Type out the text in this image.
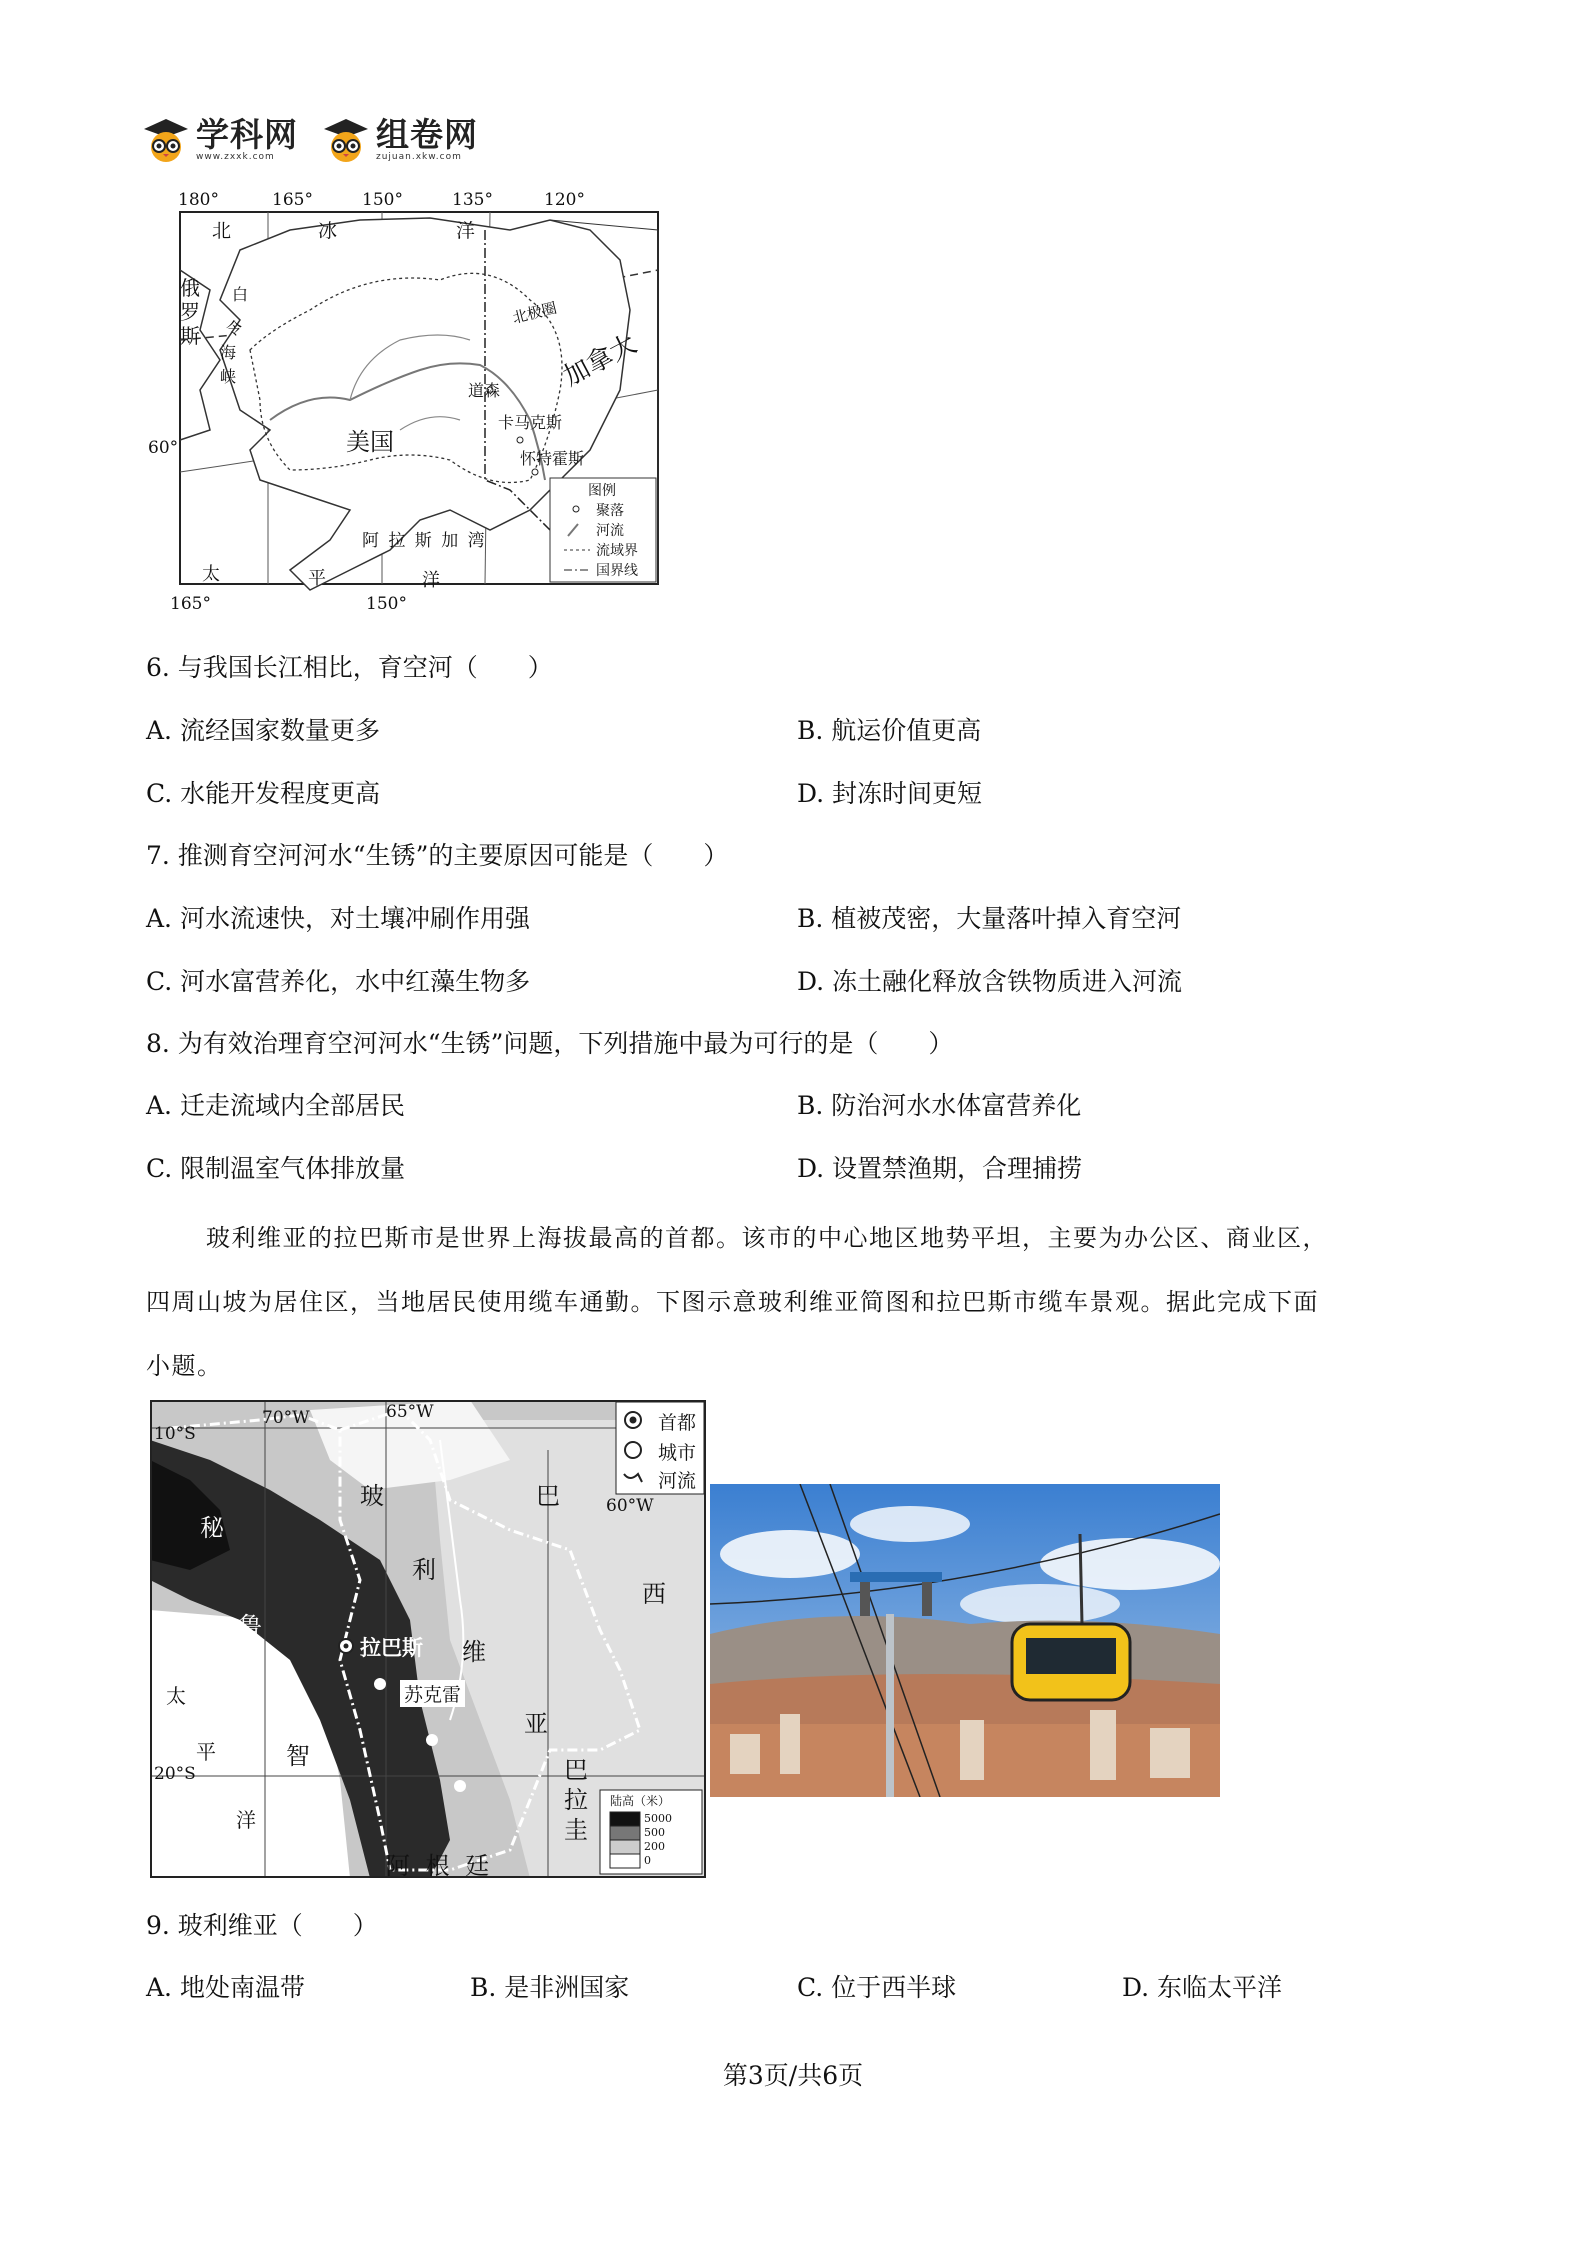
学科网
www.zxxk.com
组卷网
zujuan.xkw.com
180°	165°	150°	135°	120°
165°	150°
60°
北	冰	洋
俄
罗
斯
白
令
海
峡
北极圈
加拿大
美国
道森
卡马克斯
怀特霍斯
阿 拉 斯 加 湾
太	平	洋
图例
聚落
河流
流域界
国界线
6. 与我国长江相比，育空河（　　）
A. 流经国家数量更多	B. 航运价值更高
C. 水能开发程度更高	D. 封冻时间更短
7. 推测育空河河水“生锈”的主要原因可能是（　　）
A. 河水流速快，对土壤冲刷作用强	B. 植被茂密，大量落叶掉入育空河
C. 河水富营养化，水中红藻生物多	D. 冻土融化释放含铁物质进入河流
8. 为有效治理育空河河水“生锈”问题，下列措施中最为可行的是（　　）
A. 迁走流域内全部居民	B. 防治河水水体富营养化
C. 限制温室气体排放量	D. 设置禁渔期，合理捕捞
玻利维亚的拉巴斯市是世界上海拔最高的首都。该市的中心地区地势平坦，主要为办公区、商业区，
四周山坡为居住区，当地居民使用缆车通勤。下图示意玻利维亚简图和拉巴斯市缆车景观。据此完成下面
小题。
70°W	65°W
60°W
10°S
20°S
首都
城市
河流
秘
鲁
玻
利
维
亚
巴
西
智
利
巴
拉
圭
阿 根 廷
太
平
洋
拉巴斯
苏克雷
陆高（米）
5000
500
200
0
9. 玻利维亚（　　）
A. 地处南温带	B. 是非洲国家	C. 位于西半球	D. 东临太平洋
第3页/共6页
